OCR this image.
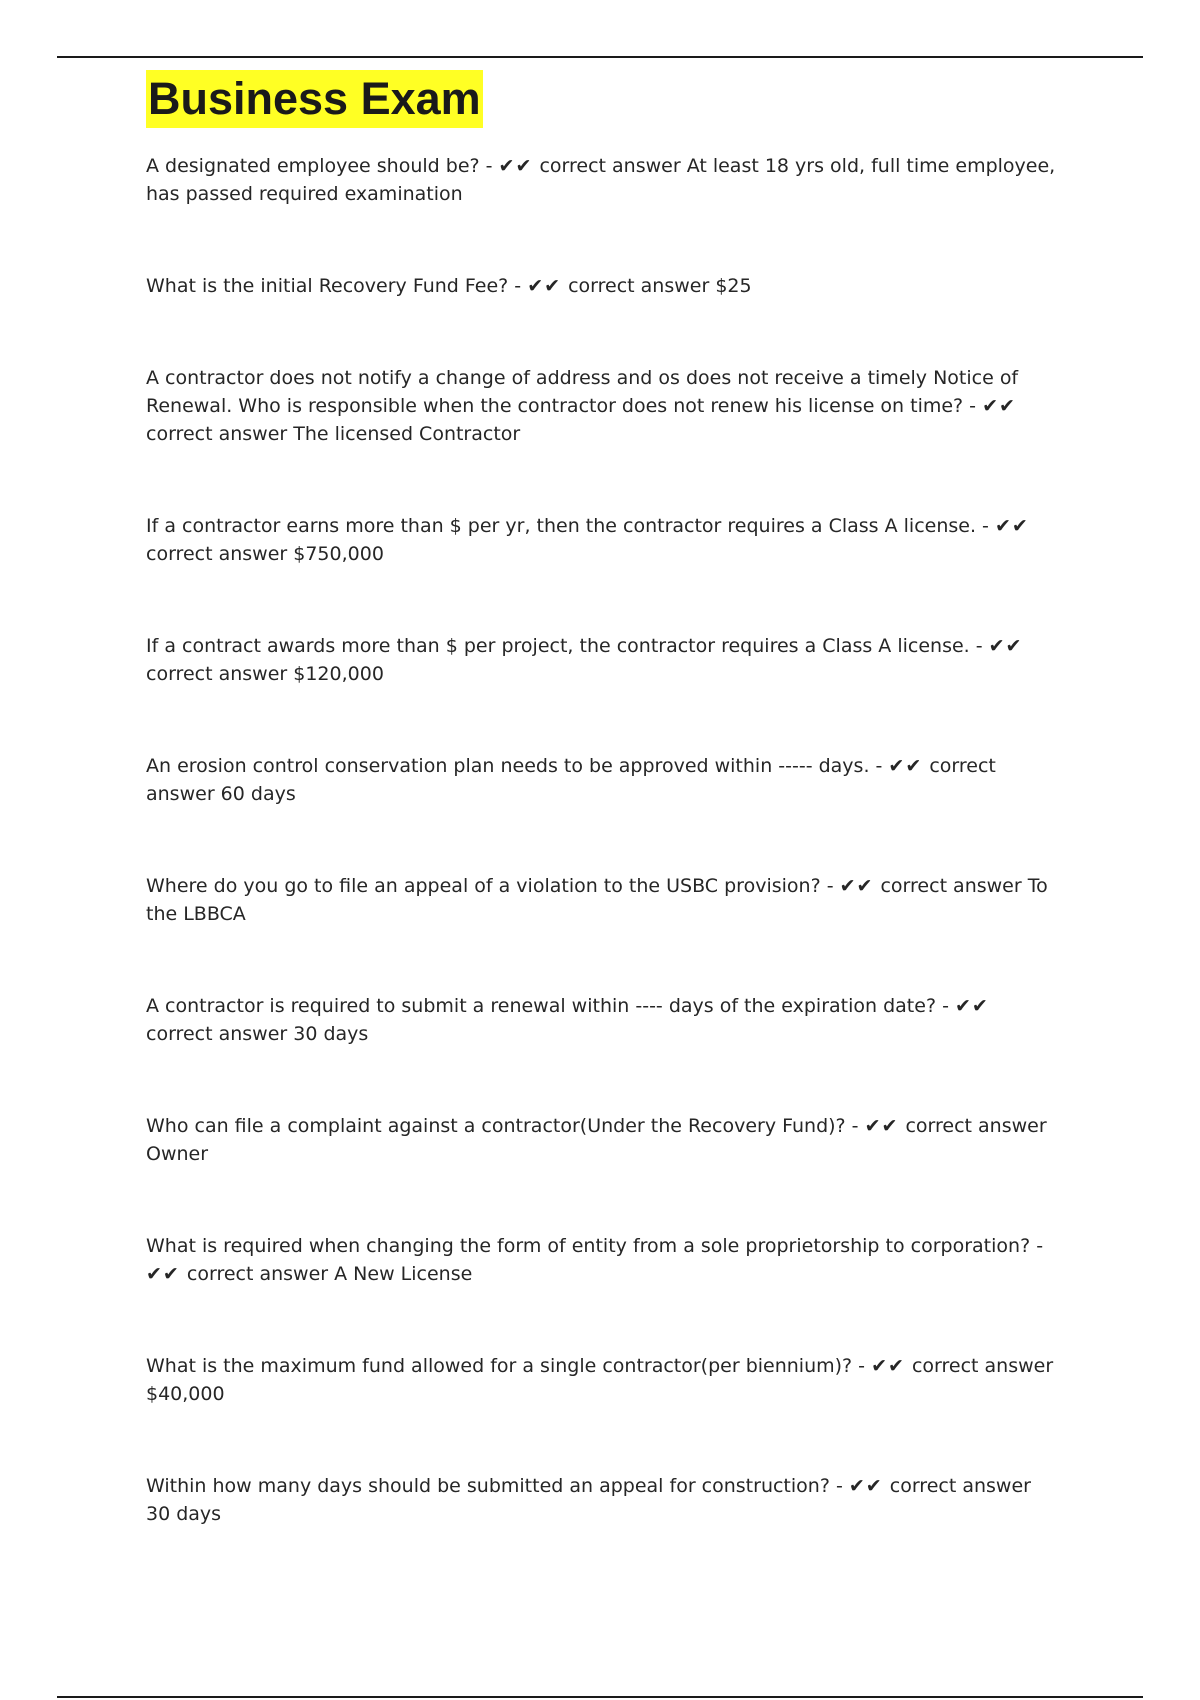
Business Exam
A designated employee should be? - ✔✔ correct answer At least 18 yrs old, full time employee, has passed required examination
What is the initial Recovery Fund Fee? - ✔✔ correct answer $25
A contractor does not notify a change of address and os does not receive a timely Notice of Renewal. Who is responsible when the contractor does not renew his license on time? - ✔✔correct answer The licensed Contractor
If a contractor earns more than $ per yr, then the contractor requires a Class A license. - ✔✔correct answer $750,000
If a contract awards more than $ per project, the contractor requires a Class A license. - ✔✔correct answer $120,000
An erosion control conservation plan needs to be approved within ----- days. - ✔✔ correct answer 60 days
Where do you go to file an appeal of a violation to the USBC provision? - ✔✔ correct answer To the LBBCA
A contractor is required to submit a renewal within ---- days of the expiration date? - ✔✔correct answer 30 days
Who can file a complaint against a contractor(Under the Recovery Fund)? - ✔✔ correct answer Owner
What is required when changing the form of entity from a sole proprietorship to corporation? - ✔✔ correct answer A New License
What is the maximum fund allowed for a single contractor(per biennium)? - ✔✔ correct answer $40,000
Within how many days should be submitted an appeal for construction? - ✔✔ correct answer 30 days
